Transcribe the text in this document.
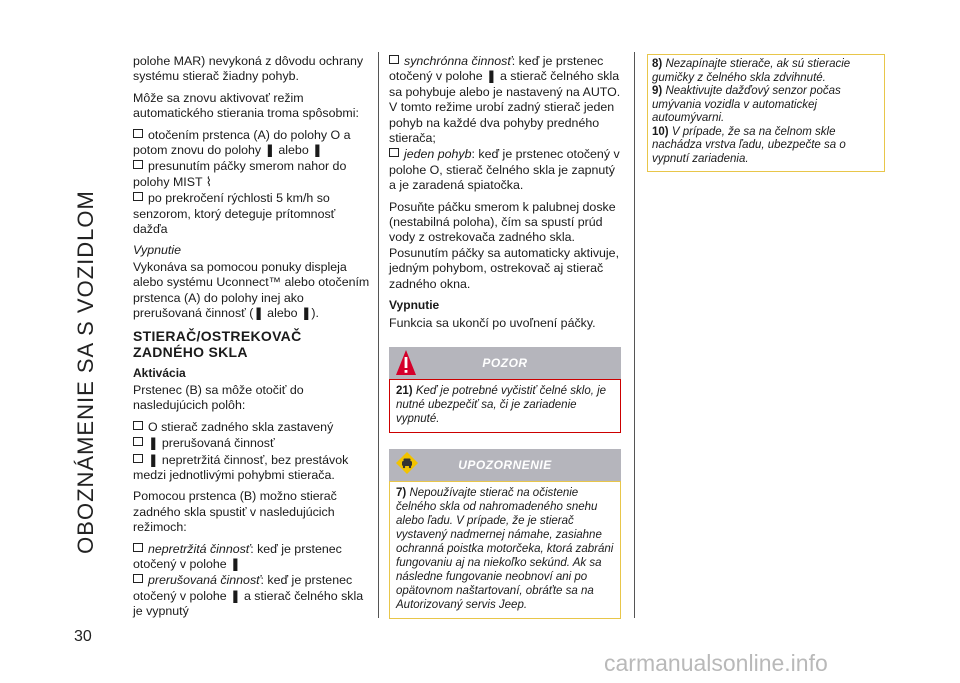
OBOZNÁMENIE SA S VOZIDLOM
30

polohe MAR) nevykoná z dôvodu ochrany systému stierač žiadny pohyb.

Môže sa znovu aktivovať režim automatického stierania troma spôsobmi:

otočením prstenca (A) do polohy O a potom znovu do polohy ❚ alebo ❚

presunutím páčky smerom nahor do polohy MIST ⌇

po prekročení rýchlosti 5 km/h so senzorom, ktorý deteguje prítomnosť dažďa

Vypnutie

Vykonáva sa pomocou ponuky displeja alebo systému Uconnect™ alebo otočením prstenca (A) do polohy inej ako prerušovaná činnosť (❚ alebo ❚).

STIERAČ/OSTREKOVAČ ZADNÉHO SKLA
Aktivácia

Prstenec (B) sa môže otočiť do nasledujúcich polôh:

O stierač zadného skla zastavený

❚ prerušovaná činnosť

❚ nepretržitá činnosť, bez prestávok medzi jednotlivými pohybmi stierača.

Pomocou prstenca (B) možno stierač zadného skla spustiť v nasledujúcich režimoch:

nepretržitá činnosť: keď je prstenec otočený v polohe ❚

prerušovaná činnosť: keď je prstenec otočený v polohe ❚ a stierač čelného skla je vypnutý

synchrónna činnosť: keď je prstenec otočený v polohe ❚ a stierač čelného skla sa pohybuje alebo je nastavený na AUTO. V tomto režime urobí zadný stierač jeden pohyb na každé dva pohyby predného stierača;

jeden pohyb: keď je prstenec otočený v polohe O, stierač čelného skla je zapnutý a je zaradená spiatočka.

Posuňte páčku smerom k palubnej doske (nestabilná poloha), čím sa spustí prúd vody z ostrekovača zadného skla. Posunutím páčky sa automaticky aktivuje, jedným pohybom, ostrekovač aj stierač zadného okna.

Vypnutie

Funkcia sa ukončí po uvoľnení páčky.

POZOR
21) Keď je potrebné vyčistiť čelné sklo, je nutné ubezpečiť sa, či je zariadenie vypnuté.
UPOZORNENIE
7) Nepoužívajte stierač na očistenie čelného skla od nahromadeného snehu alebo ľadu. V prípade, že je stierač vystavený nadmernej námahe, zasiahne ochranná poistka motorčeka, ktorá zabráni fungovaniu aj na niekoľko sekúnd. Ak sa následne fungovanie neobnoví ani po opätovnom naštartovaní, obráťte sa na Autorizovaný servis Jeep.
8) Nezapínajte stierače, ak sú stieracie gumičky z čelného skla zdvihnuté.
9) Neaktivujte dažďový senzor počas umývania vozidla v automatickej autoumývarni.
10) V prípade, že sa na čelnom skle nachádza vrstva ľadu, ubezpečte sa o vypnutí zariadenia.
carmanualsonline.info
